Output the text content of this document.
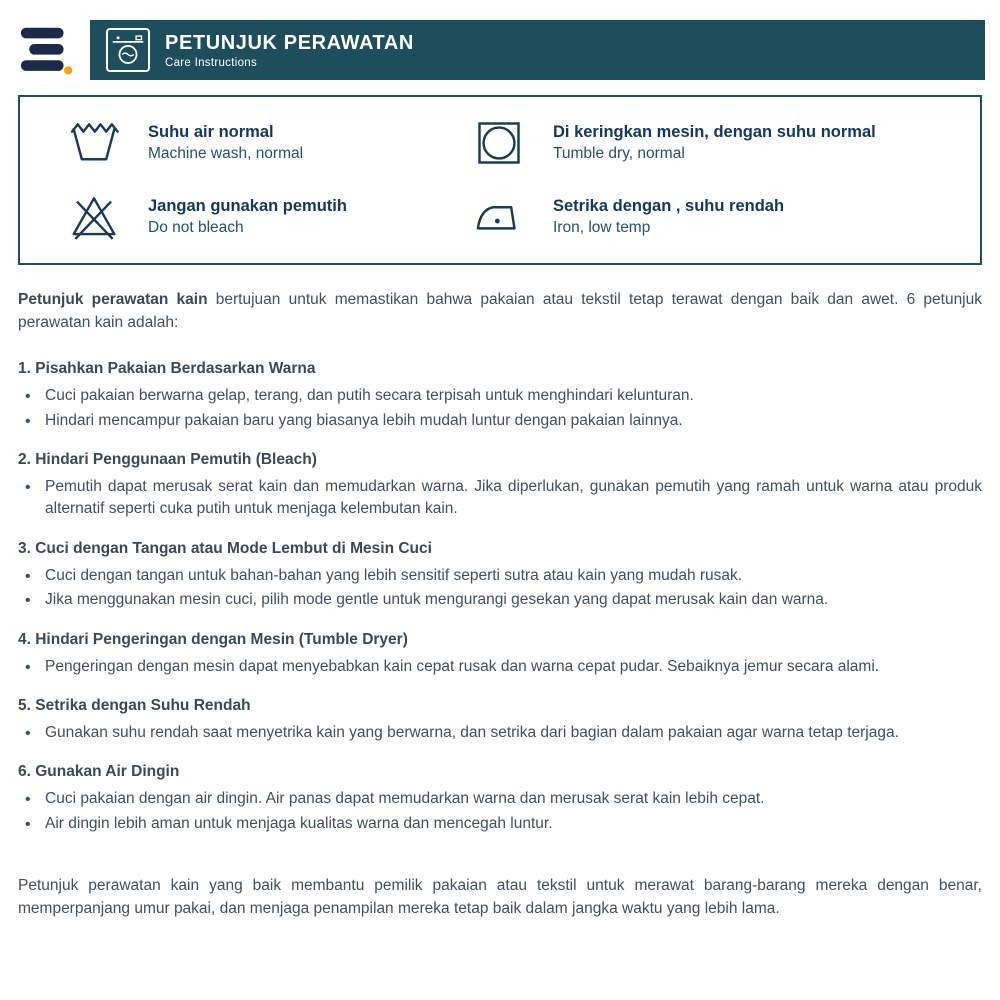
PETUNJUK PERAWATAN
Care Instructions
Suhu air normal
Machine wash, normal
Di keringkan mesin, dengan suhu normal
Tumble dry, normal
Jangan gunakan pemutih
Do not bleach
Setrika dengan , suhu rendah
Iron, low temp

Petunjuk perawatan kain bertujuan untuk memastikan bahwa pakaian atau tekstil tetap terawat dengan baik dan awet. 6 petunjuk perawatan kain adalah:

1. Pisahkan Pakaian Berdasarkan Warna
• Cuci pakaian berwarna gelap, terang, dan putih secara terpisah untuk menghindari kelunturan.
• Hindari mencampur pakaian baru yang biasanya lebih mudah luntur dengan pakaian lainnya.
2. Hindari Penggunaan Pemutih (Bleach)
• Pemutih dapat merusak serat kain dan memudarkan warna. Jika diperlukan, gunakan pemutih yang ramah untuk warna atau produk alternatif seperti cuka putih untuk menjaga kelembutan kain.
3. Cuci dengan Tangan atau Mode Lembut di Mesin Cuci
• Cuci dengan tangan untuk bahan-bahan yang lebih sensitif seperti sutra atau kain yang mudah rusak.
• Jika menggunakan mesin cuci, pilih mode gentle untuk mengurangi gesekan yang dapat merusak kain dan warna.
4. Hindari Pengeringan dengan Mesin (Tumble Dryer)
• Pengeringan dengan mesin dapat menyebabkan kain cepat rusak dan warna cepat pudar. Sebaiknya jemur secara alami.
5. Setrika dengan Suhu Rendah
• Gunakan suhu rendah saat menyetrika kain yang berwarna, dan setrika dari bagian dalam pakaian agar warna tetap terjaga.
6. Gunakan Air Dingin
• Cuci pakaian dengan air dingin. Air panas dapat memudarkan warna dan merusak serat kain lebih cepat.
• Air dingin lebih aman untuk menjaga kualitas warna dan mencegah luntur.

Petunjuk perawatan kain yang baik membantu pemilik pakaian atau tekstil untuk merawat barang-barang mereka dengan benar, memperpanjang umur pakai, dan menjaga penampilan mereka tetap baik dalam jangka waktu yang lebih lama.
